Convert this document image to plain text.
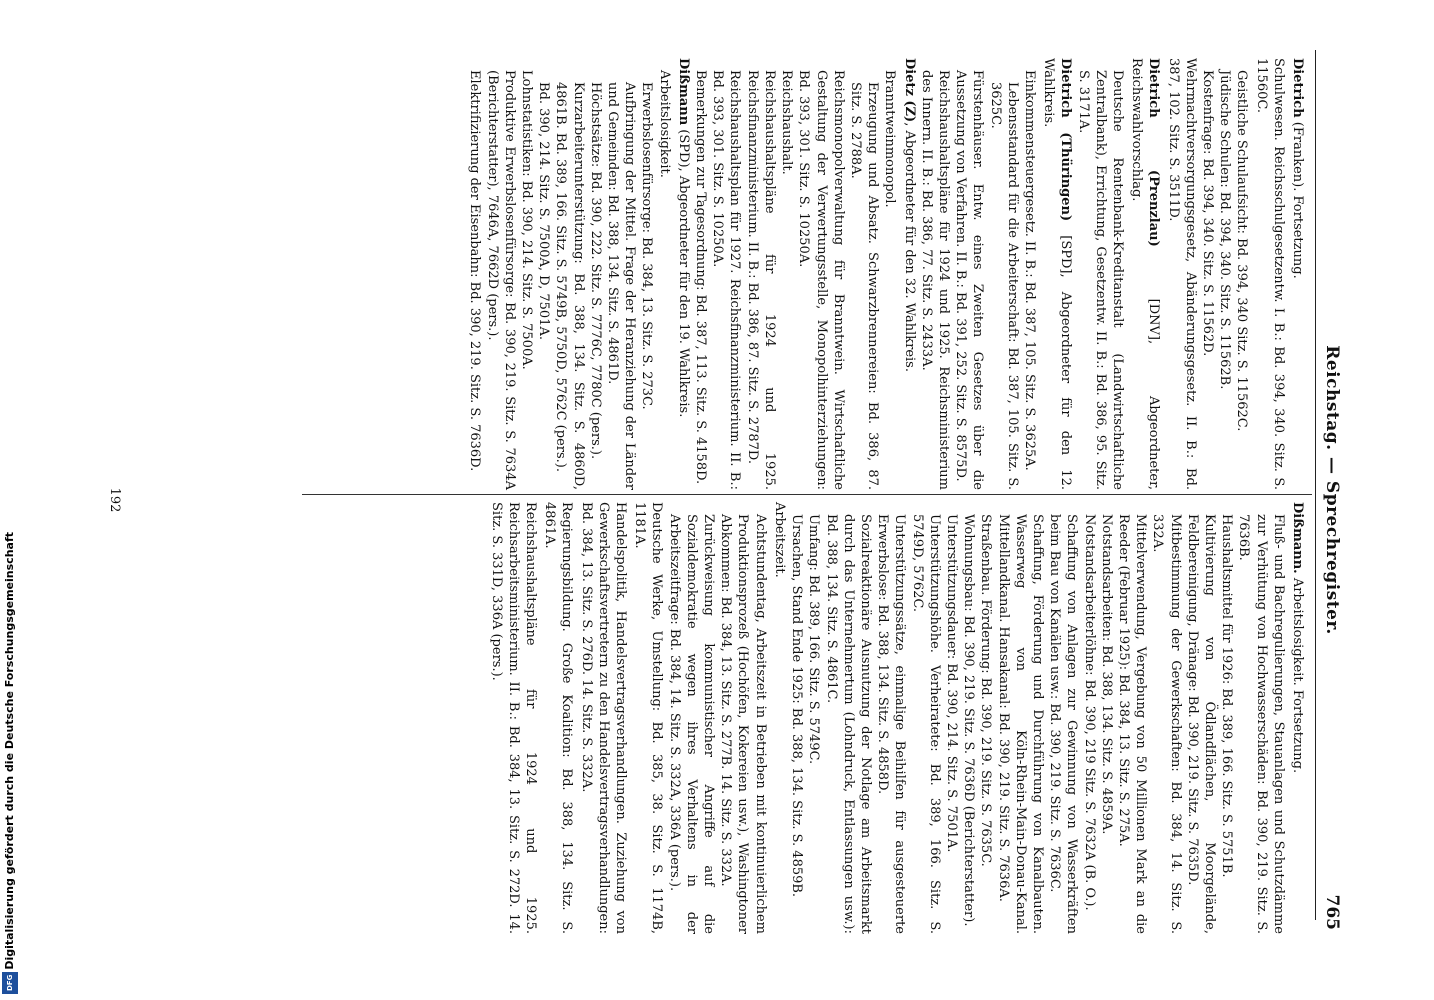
Reichstag. — Sprechregister.
765
Dietrich (Franken). Fortsetzung.
Schulwesen. Reichsschulgesetzentw. I. B.: Bd. 394, 340. Sitz. S. 11560C.
Geistliche Schulaufsicht: Bd. 394, 340 Sitz. S. 11562C.
Jüdische Schulen: Bd. 394, 340. Sitz. S. 11562B.
Kostenfrage: Bd. 394, 340. Sitz. S. 11562D.
Wehrmachtversorgungsgesetz, Abänderungsgesetz. II. B.: Bd. 387, 102. Sitz. S. 3511D.
Dietrich (Prenzlau) [DNV], Abgeordneter, Reichswahlvorschlag.
Deutsche Rentenbank-Kreditanstalt (Landwirtschaftliche Zentralbank), Errichtung, Gesetzentw. II. B.: Bd. 386, 95. Sitz. S. 3171A.
Dietrich (Thüringen) [SPD], Abgeordneter für den 12. Wahlkreis.
Einkommensteuergesetz. II. B.: Bd. 387, 105. Sitz. S. 3625A.
Lebensstandard für die Arbeiterschaft: Bd. 387, 105. Sitz. S. 3625C.
Fürstenhäuser. Entw. eines Zweiten Gesetzes über die Aussetzung von Verfahren. II. B.: Bd. 391, 252. Sitz. S. 8575D.
Reichshaushaltspläne für 1924 und 1925. Reichsministerium des Innern. II. B.: Bd. 386, 77. Sitz. S. 2433A.
Dietz (Z), Abgeordneter für den 32. Wahlkreis.
Branntweinmonopol.
Erzeugung und Absatz. Schwarzbrennereien: Bd. 386, 87. Sitz. S. 2788A.
Reichsmonopolverwaltung für Branntwein. Wirtschaftliche Gestaltung der Verwertungsstelle, Monopolhinterziehungen: Bd. 393, 301. Sitz. S. 10250A.
Reichshaushalt.
Reichshaushaltspläne für 1924 und 1925. Reichsfinanzministerium. II. B.: Bd. 386, 87. Sitz. S. 2787D.
Reichshaushaltsplan für 1927. Reichsfinanzministerium. II. B.: Bd. 393, 301. Sitz. S. 10250A.
Bemerkungen zur Tagesordnung: Bd. 387, 113. Sitz. S. 4158D.
Dißmann (SPD), Abgeordneter für den 19. Wahlkreis.
Arbeitslosigkeit.
Erwerbslosenfürsorge: Bd. 384, 13. Sitz. S. 273C.
Aufbringung der Mittel. Frage der Heranziehung der Länder und Gemeinden: Bd. 388, 134. Sitz. S. 4861D.
Höchstsätze: Bd. 390, 222. Sitz. S. 7776C, 7780C (pers.).
Kurzarbeiterunterstützung: Bd. 388, 134. Sitz. S. 4860D, 4861B. Bd. 389, 166. Sitz. S. 5749B, 5750D, 5762C (pers.).
Bd. 390, 214. Sitz. S. 7500A, D, 7501A.
Lohnstatistiken: Bd. 390, 214. Sitz. S. 7500A.
Produktive Erwerbslosenfürsorge: Bd. 390, 219. Sitz. S. 7634A (Berichterstatter), 7646A, 7662D (pers.).
Elektrifizierung der Eisenbahn: Bd. 390, 219. Sitz. S. 7636D.
Dißmann. Arbeitslosigkeit. Fortsetzung.
Fluß- und Bachregulierungen, Stauanlagen und Schutzdämme zur Verhütung von Hochwasserschäden: Bd. 390, 219. Sitz. S. 7636B.
Haushaltsmittel für 1926: Bd. 389, 166. Sitz. S. 5751B.
Kultivierung von Ödlandflächen, Moorgelände, Feldbereinigung, Dränage: Bd. 390, 219. Sitz. S. 7635D.
Mitbestimmung der Gewerkschaften: Bd. 384, 14. Sitz. S. 332A.
Mittelverwendung, Vergebung von 50 Millionen Mark an die Reeder (Februar 1925): Bd. 384, 13. Sitz. S. 275A.
Notstandsarbeiten: Bd. 388, 134. Sitz. S. 4859A.
Notstandsarbeiterlöhne: Bd. 390, 219 Sitz. S. 7632A (B. O.).
Schaffung von Anlagen zur Gewinnung von Wasserkräften beim Bau von Kanälen usw.: Bd. 390, 219. Sitz. S. 7636C.
Schaffung, Förderung und Durchführung von Kanalbauten. Wasserweg von Köln-Rhein-Main-Donau-Kanal. Mittellandkanal. Hansakanal: Bd. 390, 219. Sitz. S. 7636A.
Straßenbau. Förderung: Bd. 390, 219. Sitz. S. 7635C.
Wohnungsbau: Bd. 390, 219. Sitz. S. 7636D (Berichterstatter).
Unterstützungsdauer: Bd. 390, 214. Sitz. S. 7501A.
Unterstützungshöhe. Verheiratete: Bd. 389, 166. Sitz. S. 5749D, 5762C.
Unterstützungssätze, einmalige Beihilfen für ausgesteuerte Erwerbslose: Bd. 388, 134. Sitz. S. 4858D.
Sozialreaktionäre Ausnutzung der Notlage am Arbeitsmarkt durch das Unternehmertum (Lohndruck, Entlassungen usw.): Bd. 388, 134. Sitz. S. 4861C.
Umfang: Bd. 389, 166. Sitz. S. 5749C.
Ursachen, Stand Ende 1925: Bd. 388, 134. Sitz. S. 4859B.
Arbeitszeit.
Achtstundentag, Arbeitszeit in Betrieben mit kontinuierlichem Produktionsprozeß (Hochöfen, Kokereien usw.), Washingtoner Abkommen: Bd. 384, 13. Sitz. S. 277B. 14. Sitz. S. 332A.
Zurückweisung kommunistischer Angriffe auf die Sozialdemokratie wegen ihres Verhaltens in der Arbeitszeitfrage: Bd. 384, 14. Sitz. S. 332A, 336A (pers.).
Deutsche Werke, Umstellung: Bd. 385, 38. Sitz. S. 1174B, 1181A.
Handelspolitik, Handelsvertragsverhandlungen. Zuziehung von Gewerkschaftsvertretern zu den Handelsvertragsverhandlungen: Bd. 384, 13. Sitz. S. 276D. 14. Sitz. S. 332A.
Regierungsbildung. Große Koalition: Bd. 388, 134. Sitz. S. 4861A.
Reichshaushaltspläne für 1924 und 1925. Reichsarbeitsministerium. II. B.: Bd. 384, 13. Sitz. S. 272D. 14. Sitz. S. 331D, 336A (pers.).
192
Digitalisierung gefördert durch die Deutsche Forschungsgemeinschaft
DFG
